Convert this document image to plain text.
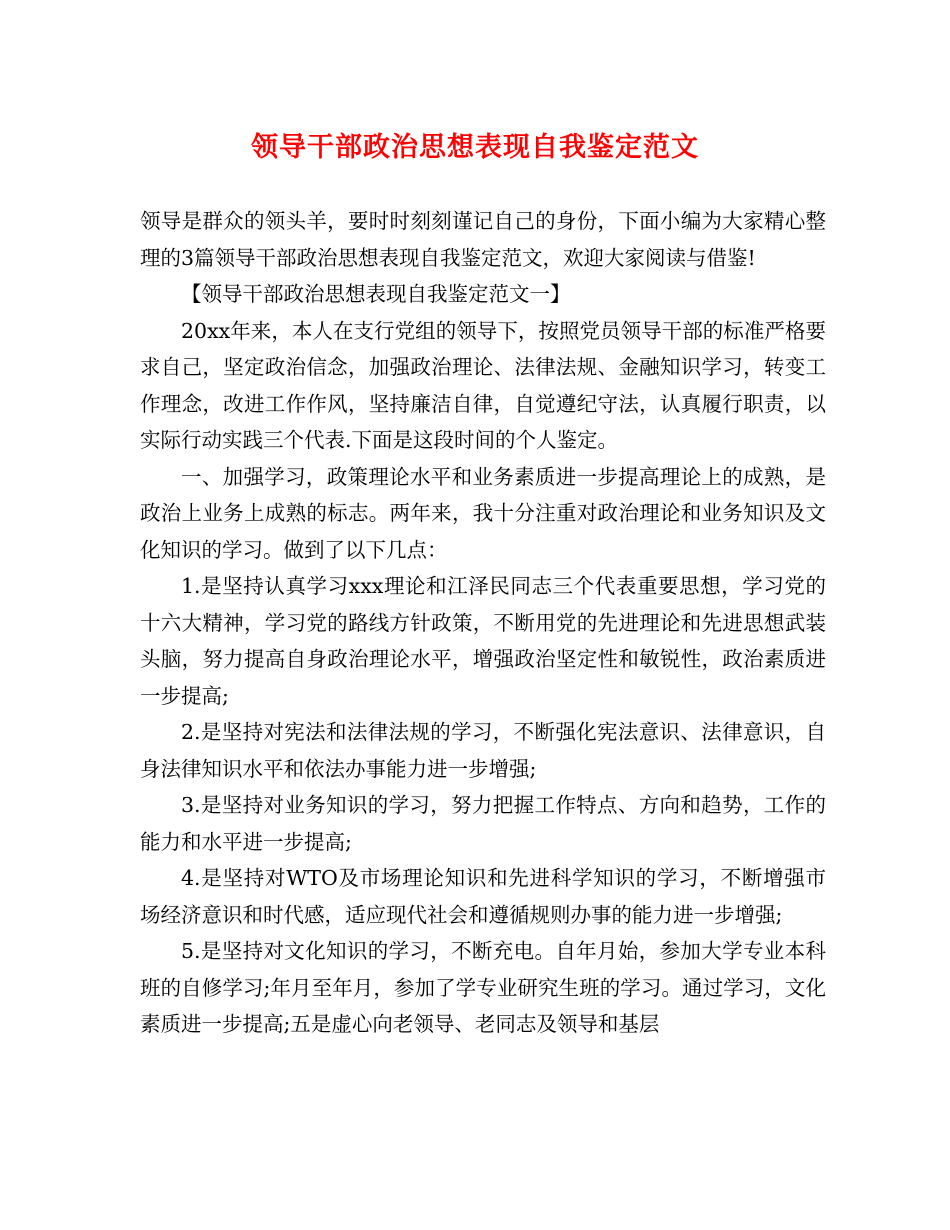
领导干部政治思想表现自我鉴定范文

领导是群众的领头羊，要时时刻刻谨记自己的身份，下面小编为大家精心整理的3篇领导干部政治思想表现自我鉴定范文，欢迎大家阅读与借鉴!

【领导干部政治思想表现自我鉴定范文一】

20xx年来，本人在支行党组的领导下，按照党员领导干部的标准严格要求自己，坚定政治信念，加强政治理论、法律法规、金融知识学习，转变工作理念，改进工作作风，坚持廉洁自律，自觉遵纪守法，认真履行职责，以实际行动实践三个代表.下面是这段时间的个人鉴定。

一、加强学习，政策理论水平和业务素质进一步提高理论上的成熟，是政治上业务上成熟的标志。两年来，我十分注重对政治理论和业务知识及文化知识的学习。做到了以下几点：

1.是坚持认真学习xxx理论和江泽民同志三个代表重要思想，学习党的十六大精神，学习党的路线方针政策，不断用党的先进理论和先进思想武装头脑，努力提高自身政治理论水平，增强政治坚定性和敏锐性，政治素质进一步提高;

2.是坚持对宪法和法律法规的学习，不断强化宪法意识、法律意识，自身法律知识水平和依法办事能力进一步增强;

3.是坚持对业务知识的学习，努力把握工作特点、方向和趋势，工作的能力和水平进一步提高;

4.是坚持对WTO及市场理论知识和先进科学知识的学习，不断增强市场经济意识和时代感，适应现代社会和遵循规则办事的能力进一步增强;

5.是坚持对文化知识的学习，不断充电。自年月始，参加大学专业本科班的自修学习;年月至年月，参加了学专业研究生班的学习。通过学习，文化素质进一步提高;五是虚心向老领导、老同志及领导和基层
